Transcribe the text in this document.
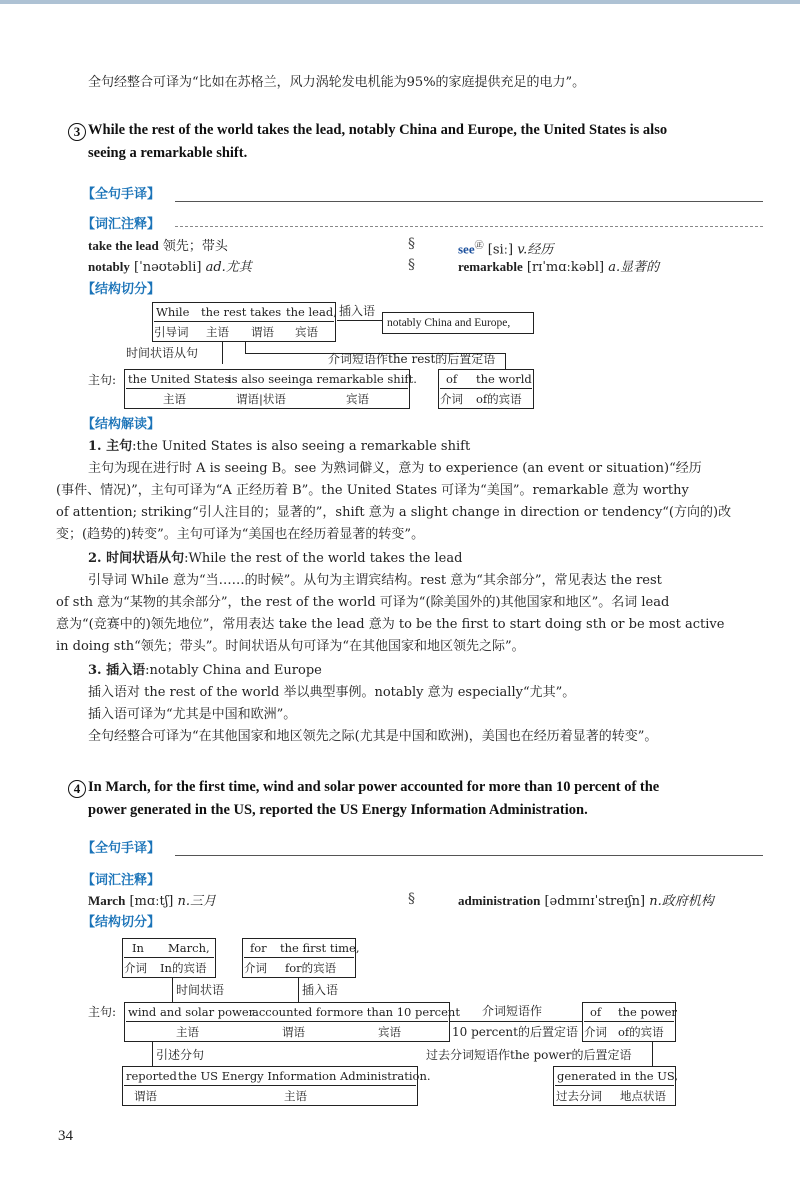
全句经整合可译为“比如在苏格兰，风力涡轮发电机能为95%的家庭提供充足的电力”。
3 While the rest of the world takes the lead, notably China and Europe, the United States is also
seeing a remarkable shift.
【全句手译】
【词汇注释】
take the lead 领先；带头	§	see㊣ [siː] v.经历
notably [ˈnəʊtəbli] ad.尤其	§	remarkable [rɪˈmɑːkəbl] a.显著的
【结构切分】
While the rest takes the lead,
引导词 主语 谓语 宾语
插入语
notably China and Europe,
时间状语从句	介词短语作the rest的后置定语
主句: the United States
is also seeing a remarkable shift.
主语	谓语|状语	宾语
of the world
介词 of的宾语
【结构解读】
1. 主句:the United States is also seeing a remarkable shift
主句为现在进行时 A is seeing B。see 为熟词僻义，意为 to experience (an event or situation)“经历
(事件、情况)”，主句可译为“A 正经历着 B”。the United States 可译为“美国”。remarkable 意为 worthy
of attention; striking“引人注目的；显著的”，shift 意为 a slight change in direction or tendency“(方向的)改
变；(趋势的)转变”。主句可译为“美国也在经历着显著的转变”。
2. 时间状语从句:While the rest of the world takes the lead
引导词 While 意为“当……的时候”。从句为主谓宾结构。rest 意为“其余部分”，常见表达 the rest
of sth 意为“某物的其余部分”，the rest of the world 可译为“(除美国外的)其他国家和地区”。名词 lead
意为“(竞赛中的)领先地位”，常用表达 take the lead 意为 to be the first to start doing sth or be most active
in doing sth“领先；带头”。时间状语从句可译为“在其他国家和地区领先之际”。
3. 插入语:notably China and Europe
插入语对 the rest of the world 举以典型事例。notably 意为 especially“尤其”。
插入语可译为“尤其是中国和欧洲”。
全句经整合可译为“在其他国家和地区领先之际(尤其是中国和欧洲)，美国也在经历着显著的转变”。
4 In March, for the first time, wind and solar power accounted for more than 10 percent of the
power generated in the US, reported the US Energy Information Administration.
【全句手译】
【词汇注释】
March [mɑːtʃ] n.三月	§	administration [ədmɪnɪˈstreɪʃn] n.政府机构
【结构切分】
In March,
介词 In的宾语
for the first time,
介词 for的宾语
时间状语	插入语
主句: wind and solar power
accounted for more than 10 percent
主语	谓语	宾语
介词短语作
10 percent的后置定语
of the power
介词 of的宾语
引述分句	过去分词短语作the power的后置定语
reported the US Energy Information Administration.
谓语	主语
generated in the US,
过去分词 地点状语
34
